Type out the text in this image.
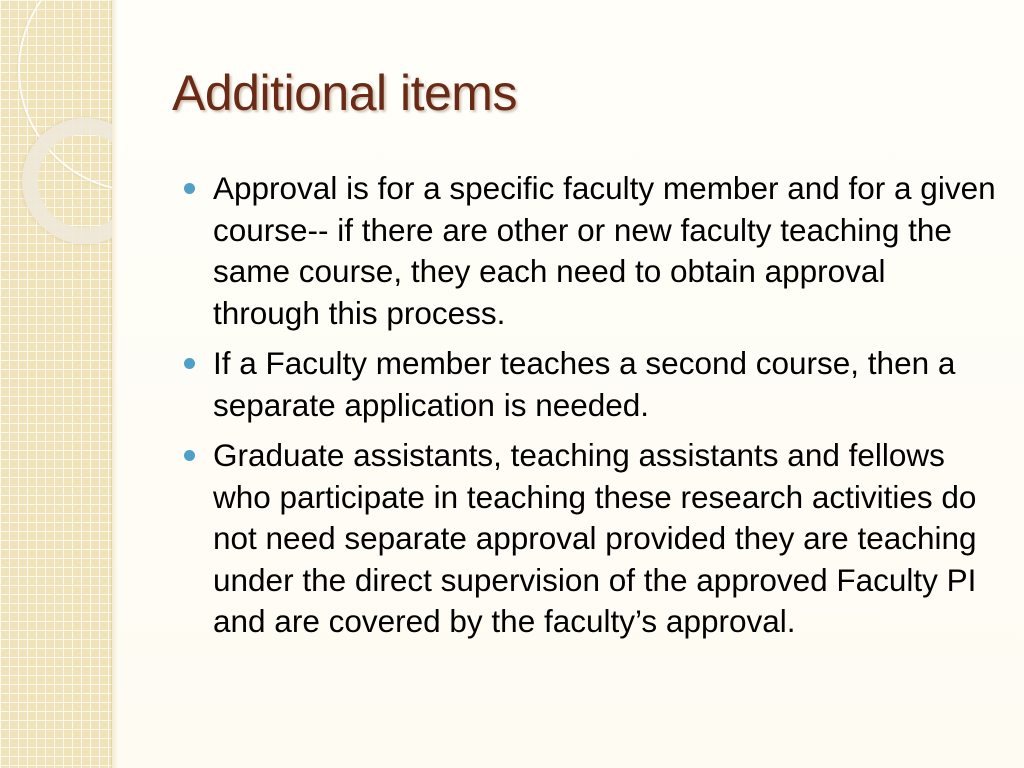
Additional items
Approval is for a specific faculty member and for a given course-- if there are other or new faculty teaching the same course, they each need to obtain approval through this process.
If a Faculty member teaches a second course, then a separate application is needed.
Graduate assistants, teaching assistants and fellows who participate in teaching these research activities do not need separate approval provided they are teaching under the direct supervision of the approved Faculty PI and are covered by the faculty’s approval.
